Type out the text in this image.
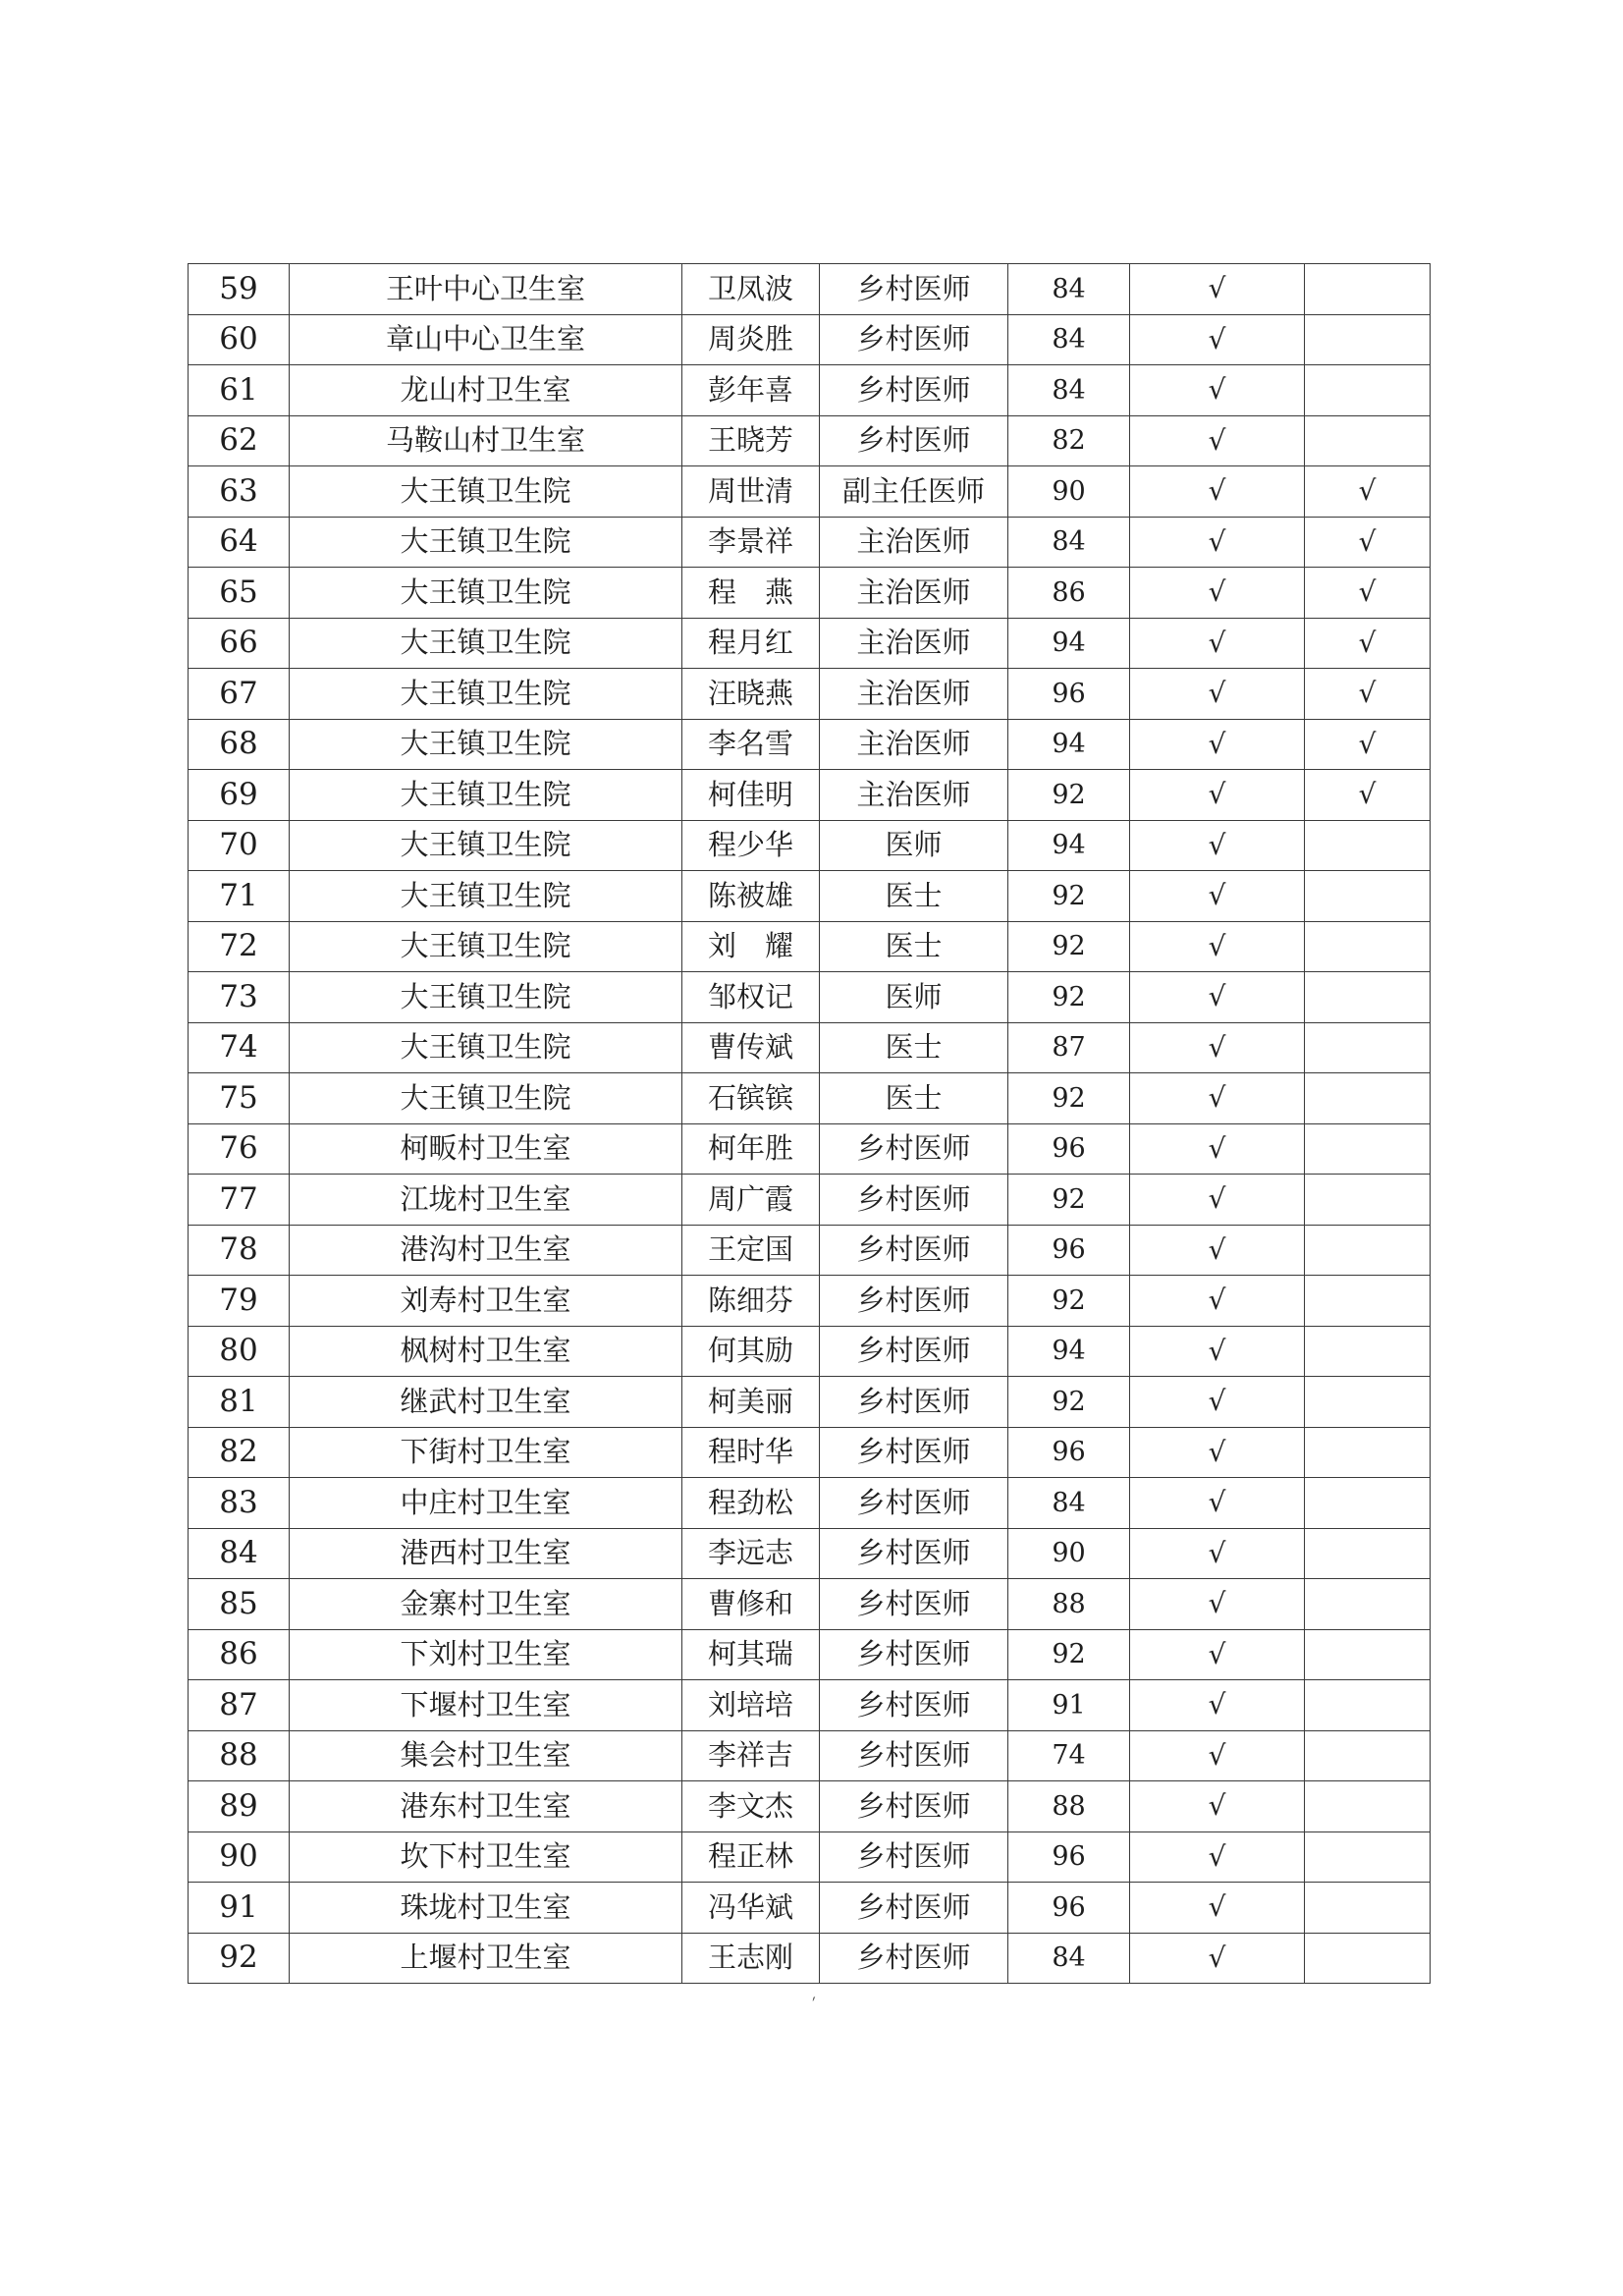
59	王叶中心卫生室	卫凤波	乡村医师	84	√	
60	章山中心卫生室	周炎胜	乡村医师	84	√	
61	龙山村卫生室	彭年喜	乡村医师	84	√	
62	马鞍山村卫生室	王晓芳	乡村医师	82	√	
63	大王镇卫生院	周世清	副主任医师	90	√	√
64	大王镇卫生院	李景祥	主治医师	84	√	√
65	大王镇卫生院	程　燕	主治医师	86	√	√
66	大王镇卫生院	程月红	主治医师	94	√	√
67	大王镇卫生院	汪晓燕	主治医师	96	√	√
68	大王镇卫生院	李名雪	主治医师	94	√	√
69	大王镇卫生院	柯佳明	主治医师	92	√	√
70	大王镇卫生院	程少华	医师	94	√	
71	大王镇卫生院	陈被雄	医士	92	√	
72	大王镇卫生院	刘　耀	医士	92	√	
73	大王镇卫生院	邹权记	医师	92	√	
74	大王镇卫生院	曹传斌	医士	87	√	
75	大王镇卫生院	石镔镔	医士	92	√	
76	柯畈村卫生室	柯年胜	乡村医师	96	√	
77	江垅村卫生室	周广霞	乡村医师	92	√	
78	港沟村卫生室	王定国	乡村医师	96	√	
79	刘寿村卫生室	陈细芬	乡村医师	92	√	
80	枫树村卫生室	何其励	乡村医师	94	√	
81	继武村卫生室	柯美丽	乡村医师	92	√	
82	下街村卫生室	程时华	乡村医师	96	√	
83	中庄村卫生室	程劲松	乡村医师	84	√	
84	港西村卫生室	李远志	乡村医师	90	√	
85	金寨村卫生室	曹修和	乡村医师	88	√	
86	下刘村卫生室	柯其瑞	乡村医师	92	√	
87	下堰村卫生室	刘培培	乡村医师	91	√	
88	集会村卫生室	李祥吉	乡村医师	74	√	
89	港东村卫生室	李文杰	乡村医师	88	√	
90	坎下村卫生室	程正林	乡村医师	96	√	
91	珠垅村卫生室	冯华斌	乡村医师	96	√	
92	上堰村卫生室	王志刚	乡村医师	84	√	
ˊ
